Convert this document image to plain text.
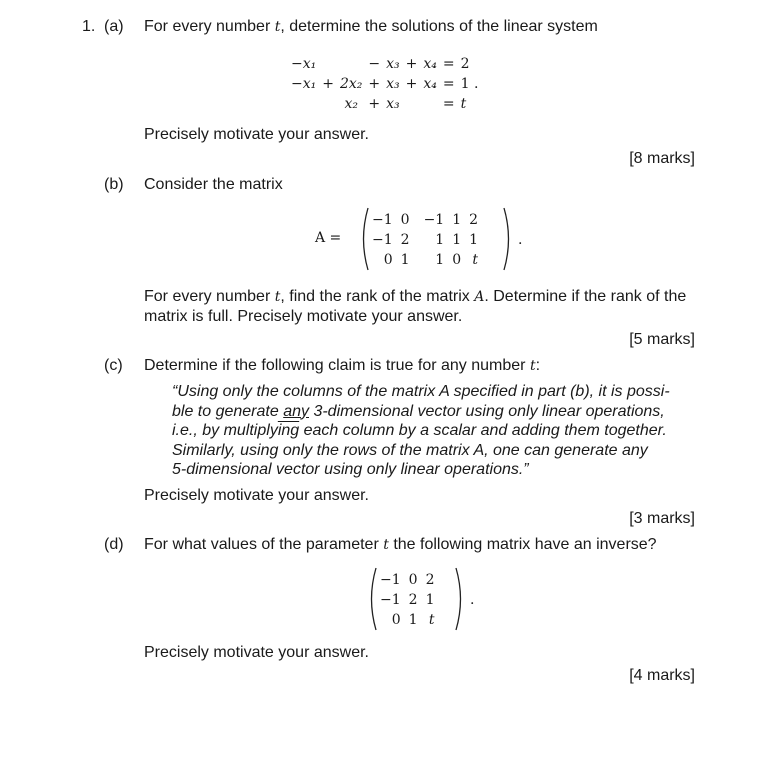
1. (a) For every number t, determine the solutions of the linear system
−x₁			−	x₃	+	x₄	=	2
−x₁	+	2x₂	+	x₃	+	x₄	=	1 .
		x₂	+	x₃			=	t
Precisely motivate your answer.
[8 marks]
(b) Consider the matrix
A =
−1	0	−1	1	2
−1	2	1	1	1
0	1	1	0	t
.
For every number t, find the rank of the matrix A. Determine if the rank of the
matrix is full. Precisely motivate your answer.
[5 marks]
(c) Determine if the following claim is true for any number t:

“Using only the columns of the matrix A specified in part (b), it is possi-

ble to generate any 3-dimensional vector using only linear operations,

i.e., by $multiply\overline{ing}$ each column by a scalar and adding them together.

Similarly, using only the rows of the matrix A, one can generate any

5-dimensional vector using only linear operations.”

Precisely motivate your answer.
[3 marks]
(d) For what values of the parameter t the following matrix have an inverse?
−1	0	2
−1	2	1
0	1	t
.
Precisely motivate your answer.
[4 marks]
